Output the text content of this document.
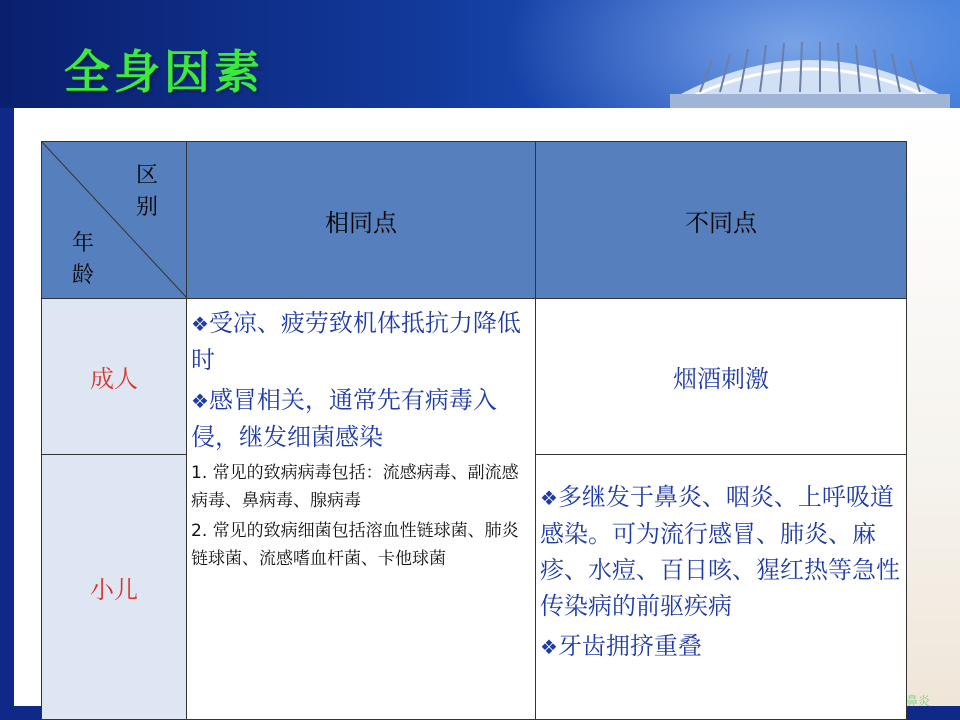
全身因素
鼻炎
区别
年龄	相同点	不同点
成人	❖受凉、疲劳致机体抵抗力降低时

❖感冒相关，通常先有病毒入侵，继发细菌感染

1. 常见的致病病毒包括：流感病毒、副流感病毒、鼻病毒、腺病毒

2. 常见的致病细菌包括溶血性链球菌、肺炎链球菌、流感嗜血杆菌、卡他球菌	烟酒刺激
小儿		❖多继发于鼻炎、咽炎、上呼吸道感染。可为流行感冒、肺炎、麻疹、水痘、百日咳、猩红热等急性传染病的前驱疾病

❖牙齿拥挤重叠
